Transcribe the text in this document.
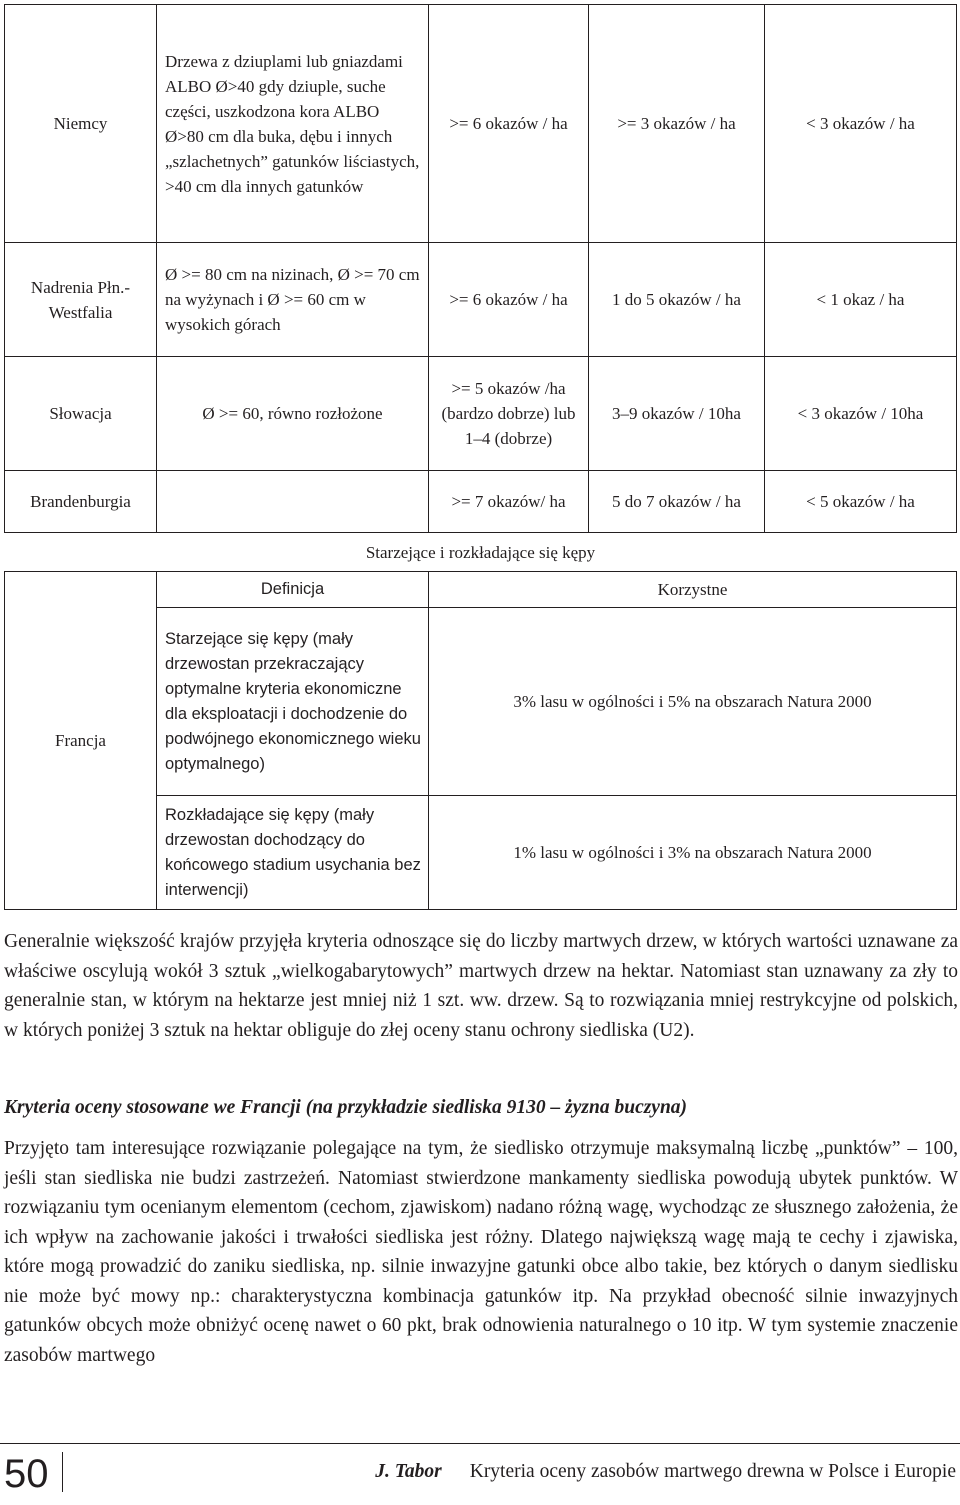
Niemcy	Drzewa z dziuplami lub gniazdami ALBO Ø>40 gdy dziuple, suche części, uszkodzona kora ALBO Ø>80 cm dla buka, dębu i innych „szlachetnych” gatunków liściastych, >40 cm dla innych gatunków	>= 6 okazów / ha	>= 3 okazów / ha	< 3 okazów / ha
Nadrenia Płn.-Westfalia	Ø >= 80 cm na nizinach, Ø >= 70 cm na wyżynach i Ø >= 60 cm w wysokich górach	>= 6 okazów / ha	1 do 5 okazów / ha	< 1 okaz / ha
Słowacja	Ø >= 60, równo rozłożone	>= 5 okazów /ha (bardzo dobrze) lub 1–4 (dobrze)	3–9 okazów / 10ha	< 3 okazów / 10ha
Brandenburgia		>= 7 okazów/ ha	5 do 7 okazów / ha	< 5 okazów / ha
Starzejące i rozkładające się kępy				
Francja	Definicja	Korzystne		
	Starzejące się kępy (mały drzewostan przekraczający optymalne kryteria ekonomiczne dla eksploatacji i dochodzenie do podwójnego ekonomicznego wieku optymalnego)	3% lasu w ogólności i 5% na obszarach Natura 2000		
	Rozkładające się kępy (mały drzewostan dochodzący do końcowego stadium usychania bez interwencji)	1% lasu w ogólności i 3% na obszarach Natura 2000		

Generalnie większość krajów przyjęła kryteria odnoszące się do liczby martwych drzew, w których wartości uznawane za właściwe oscylują wokół 3 sztuk „wielkogabarytowych” martwych drzew na hektar. Natomiast stan uznawany za zły to generalnie stan, w którym na hektarze jest mniej niż 1 szt. ww. drzew. Są to rozwiązania mniej restrykcyjne od polskich, w których poniżej 3 sztuk na hektar obliguje do złej oceny stanu ochrony siedliska (U2).

Kryteria oceny stosowane we Francji (na przykładzie siedliska 9130 – żyzna buczyna)

Przyjęto tam interesujące rozwiązanie polegające na tym, że siedlisko otrzymuje maksymalną liczbę „punktów” – 100, jeśli stan siedliska nie budzi zastrzeżeń. Natomiast stwierdzone mankamenty siedliska powodują ubytek punktów. W rozwiązaniu tym ocenianym elementom (cechom, zjawiskom) nadano różną wagę, wychodząc ze słusznego założenia, że ich wpływ na zachowanie jakości i trwałości siedliska jest różny. Dlatego największą wagę mają te cechy i zjawiska, które mogą prowadzić do zaniku siedliska, np. silnie inwazyjne gatunki obce albo takie, bez których o danym siedlisku nie może być mowy np.: charakterystyczna kombinacja gatunków itp. Na przykład obecność silnie inwazyjnych gatunków obcych może obniżyć ocenę nawet o 60 pkt, brak odnowienia naturalnego o 10 itp. W tym systemie znaczenie zasobów martwego

50	J. Tabor Kryteria oceny zasobów martwego drewna w Polsce i Europie
